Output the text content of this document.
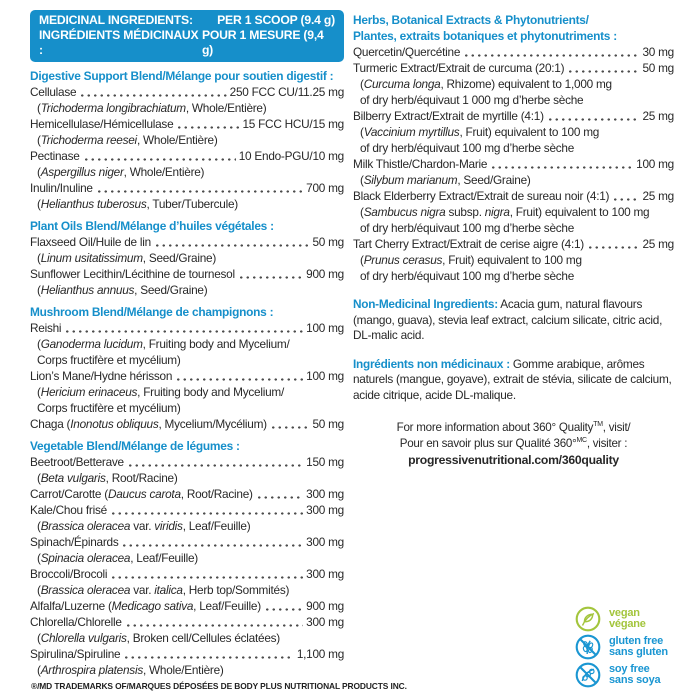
MEDICINAL INGREDIENTS: PER 1 SCOOP (9.4 g)
INGRÉDIENTS MÉDICINAUX :
POUR 1 MESURE (9,4 g)
Digestive Support Blend/Mélange pour soutien digestif :
Cellulase	250 FCC CU/11.25 mg
(Trichoderma longibrachiatum, Whole/Entière)
Hemicellulase/Hémicellulase	15 FCC HCU/15 mg
(Trichoderma reesei, Whole/Entière)
Pectinase	10 Endo-PGU/10 mg
(Aspergillus niger, Whole/Entière)
Inulin/Inuline	700 mg
(Helianthus tuberosus, Tuber/Tubercule)
Plant Oils Blend/Mélange d’huiles végétales :
Flaxseed Oil/Huile de lin	50 mg
(Linum usitatissimum, Seed/Graine)
Sunflower Lecithin/Lécithine de tournesol	900 mg
(Helianthus annuus, Seed/Graine)
Mushroom Blend/Mélange de champignons :
Reishi	100 mg
(Ganoderma lucidum, Fruiting body and Mycelium/
Corps fructifère et mycélium)
Lion’s Mane/Hydne hérisson	100 mg
(Hericium erinaceus, Fruiting body and Mycelium/
Corps fructifère et mycélium)
Chaga (Inonotus obliquus, Mycelium/Mycélium)	50 mg
Vegetable Blend/Mélange de légumes :
Beetroot/Betterave	150 mg
(Beta vulgaris, Root/Racine)
Carrot/Carotte (Daucus carota, Root/Racine)	300 mg
Kale/Chou frisé	300 mg
(Brassica oleracea var. viridis, Leaf/Feuille)
Spinach/Épinards	300 mg
(Spinacia oleracea, Leaf/Feuille)
Broccoli/Brocoli	300 mg
(Brassica oleracea var. italica, Herb top/Sommités)
Alfalfa/Luzerne (Medicago sativa, Leaf/Feuille)	900 mg
Chlorella/Chlorelle	300 mg
(Chlorella vulgaris, Broken cell/Cellules éclatées)
Spirulina/Spiruline	1,100 mg
(Arthrospira platensis, Whole/Entière)
Herbs, Botanical Extracts & Phytonutrients/
Plantes, extraits botaniques et phytonutriments :
Quercetin/Quercétine	30 mg
Turmeric Extract/Extrait de curcuma (20:1)	50 mg
(Curcuma longa, Rhizome) equivalent to 1,000 mg
of dry herb/équivaut 1 000 mg d’herbe sèche
Bilberry Extract/Extrait de myrtille (4:1)	25 mg
(Vaccinium myrtillus, Fruit) equivalent to 100 mg
of dry herb/équivaut 100 mg d’herbe sèche
Milk Thistle/Chardon-Marie	100 mg
(Silybum marianum, Seed/Graine)
Black Elderberry Extract/Extrait de sureau noir (4:1)	25 mg
(Sambucus nigra subsp. nigra, Fruit) equivalent to 100 mg
of dry herb/équivaut 100 mg d’herbe sèche
Tart Cherry Extract/Extrait de cerise aigre (4:1)	25 mg
(Prunus cerasus, Fruit) equivalent to 100 mg
of dry herb/équivaut 100 mg d’herbe sèche
Non-Medicinal Ingredients: Acacia gum, natural flavours (mango, guava), stevia leaf extract, calcium silicate, citric acid, DL-malic acid.
Ingrédients non médicinaux : Gomme arabique, arômes naturels (mangue, goyave), extrait de stévia, silicate de calcium, acide citrique, acide DL-malique.
For more information about 360° Quality™, visit/
Pour en savoir plus sur Qualité 360°$^{MC}$, visiter :
progressivenutritional.com/360quality
vegan
végane
gluten free
sans gluten
soy free
sans soya
®/MD TRADEMARKS OF/MARQUES DÉPOSÉES DE BODY PLUS NUTRITIONAL PRODUCTS INC.
